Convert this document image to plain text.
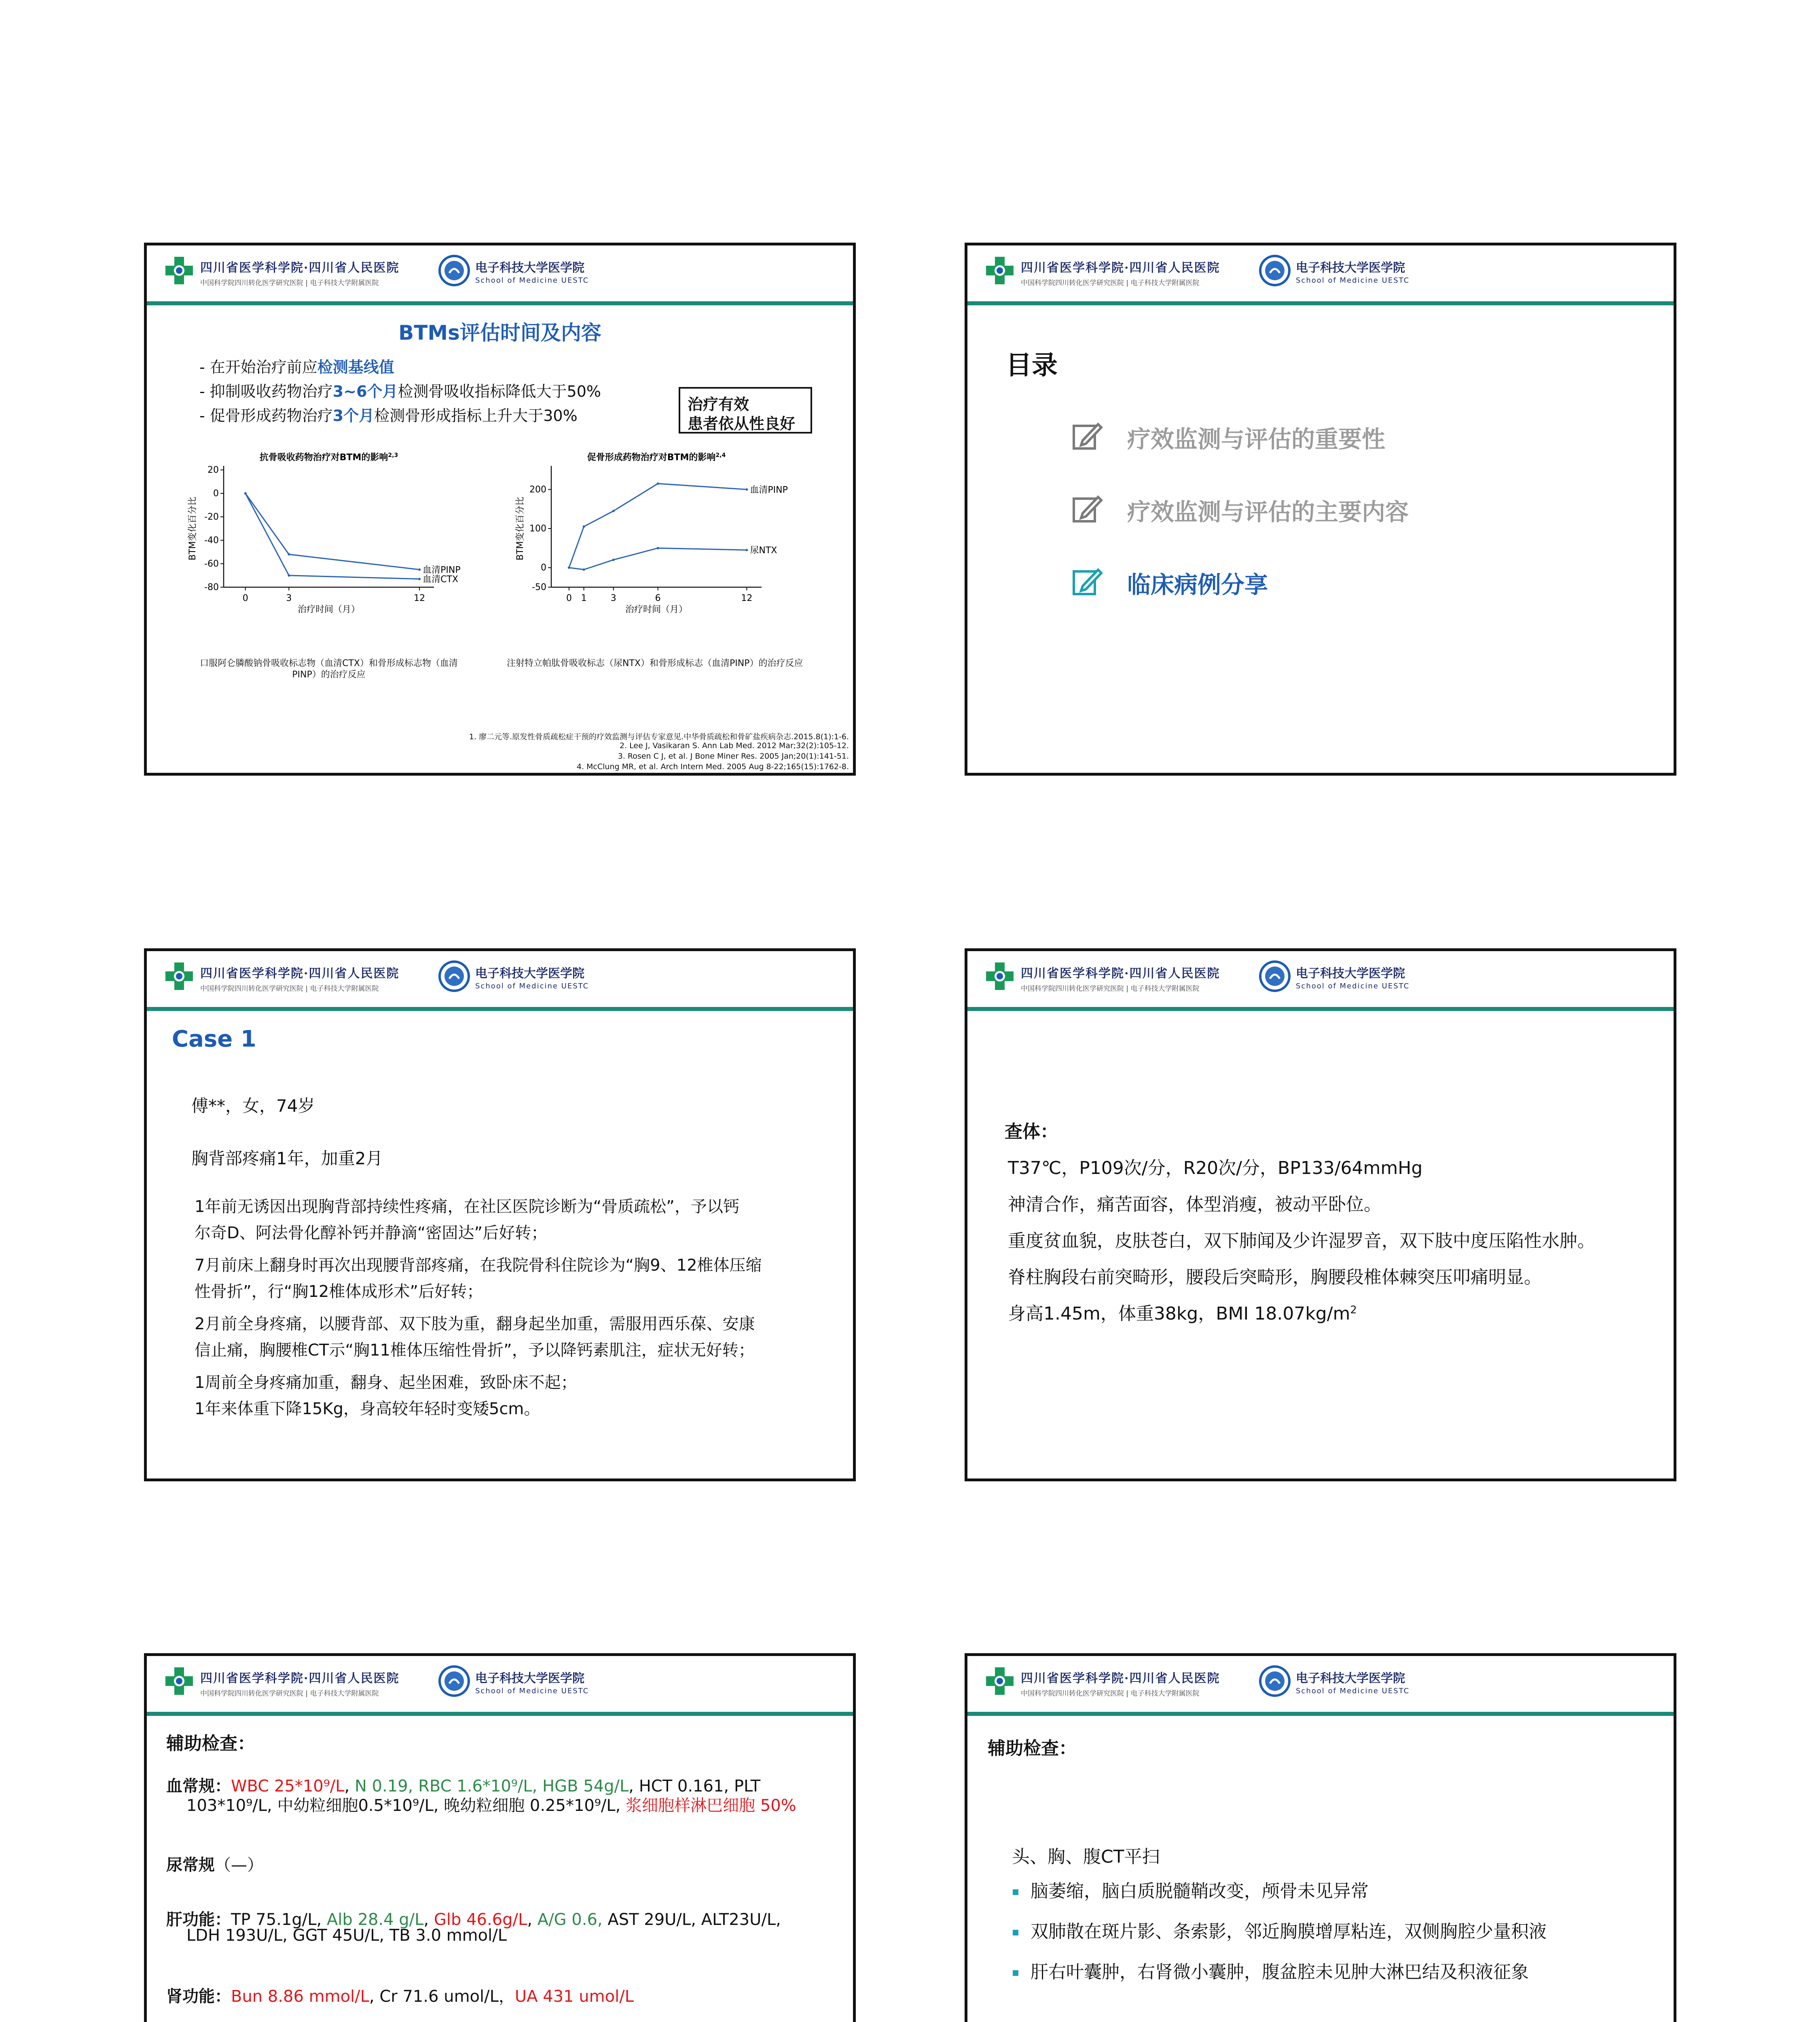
四川省医学科学院·四川省人民医院
中国科学院四川转化医学研究医院 | 电子科技大学附属医院
电子科技大学医学院
School of Medicine UESTC
BTMs评估时间及内容
- 在开始治疗前应检测基线值
- 抑制吸收药物治疗3~6个月检测骨吸收指标降低大于50%
- 促骨形成药物治疗3个月检测骨形成指标上升大于30%
治疗有效
患者依从性良好
抗骨吸收药物治疗对BTM的影响$^{2,3}$
20
0
-20
-40
-60
-80
0	3	12
治疗时间（月）
BTM变化百分比
血清PINP
血清CTX
促骨形成药物治疗对BTM的影响$^{2,4}$
200
100
0
-50
0 1	3	6	12
治疗时间（月）
BTM变化百分比
血清PINP
尿NTX
口服阿仑膦酸钠骨吸收标志物（血清CTX）和骨形成标志物（血清PINP）的治疗反应
注射特立帕肽骨吸收标志（尿NTX）和骨形成标志（血清PINP）的治疗反应
1. 廖二元等.原发性骨质疏松症干预的疗效监测与评估专家意见.中华骨质疏松和骨矿盐疾病杂志.2015.8(1):1-6.
2. Lee J, Vasikaran S. Ann Lab Med. 2012 Mar;32(2):105-12.
3. Rosen C J, et al. J Bone Miner Res. 2005 Jan;20(1):141-51.
4. McClung MR, et al. Arch Intern Med. 2005 Aug 8-22;165(15):1762-8.
四川省医学科学院·四川省人民医院
中国科学院四川转化医学研究医院 | 电子科技大学附属医院
电子科技大学医学院
School of Medicine UESTC
目录
疗效监测与评估的重要性
疗效监测与评估的主要内容
临床病例分享
四川省医学科学院·四川省人民医院
中国科学院四川转化医学研究医院 | 电子科技大学附属医院
电子科技大学医学院
School of Medicine UESTC
Case 1
傅**，女，74岁
胸背部疼痛1年，加重2月
1年前无诱因出现胸背部持续性疼痛，在社区医院诊断为“骨质疏松”，予以钙
尔奇D、阿法骨化醇补钙并静滴“密固达”后好转；
7月前床上翻身时再次出现腰背部疼痛，在我院骨科住院诊为“胸9、12椎体压缩
性骨折”，行“胸12椎体成形术”后好转；
2月前全身疼痛，以腰背部、双下肢为重，翻身起坐加重，需服用西乐葆、安康
信止痛，胸腰椎CT示“胸11椎体压缩性骨折”，予以降钙素肌注，症状无好转；
1周前全身疼痛加重，翻身、起坐困难，致卧床不起；
1年来体重下降15Kg，身高较年轻时变矮5cm。
四川省医学科学院·四川省人民医院
中国科学院四川转化医学研究医院 | 电子科技大学附属医院
电子科技大学医学院
School of Medicine UESTC
查体：
T37℃，P109次/分，R20次/分，BP133/64mmHg
神清合作，痛苦面容，体型消瘦，被动平卧位。
重度贫血貌，皮肤苍白，双下肺闻及少许湿罗音，双下肢中度压陷性水肿。
脊柱胸段右前突畸形，腰段后突畸形，胸腰段椎体棘突压叩痛明显。
身高1.45m，体重38kg，BMI $18.07kg/m^2$
四川省医学科学院·四川省人民医院
中国科学院四川转化医学研究医院 | 电子科技大学附属医院
电子科技大学医学院
School of Medicine UESTC
辅助检查：
血常规：WBC 25*10⁹/L, N 0.19, RBC 1.6*10⁹/L, HGB 54g/L, HCT 0.161, PLT
103*10⁹/L, 中幼粒细胞0.5*10⁹/L, 晚幼粒细胞 0.25*10⁹/L, 浆细胞样淋巴细胞 50%
尿常规（—）
肝功能：TP 75.1g/L, Alb 28.4 g/L, Glb 46.6g/L, A/G 0.6, AST 29U/L, ALT23U/L,
LDH 193U/L, GGT 45U/L, TB 3.0 mmol/L
肾功能：Bun 8.86 mmol/L, Cr 71.6 umol/L，UA 431 umol/L
四川省医学科学院·四川省人民医院
中国科学院四川转化医学研究医院 | 电子科技大学附属医院
电子科技大学医学院
School of Medicine UESTC
辅助检查：
头、胸、腹CT平扫
脑萎缩，脑白质脱髓鞘改变，颅骨未见异常
双肺散在斑片影、条索影，邻近胸膜增厚粘连，双侧胸腔少量积液
肝右叶囊肿，右肾微小囊肿，腹盆腔未见肿大淋巴结及积液征象
